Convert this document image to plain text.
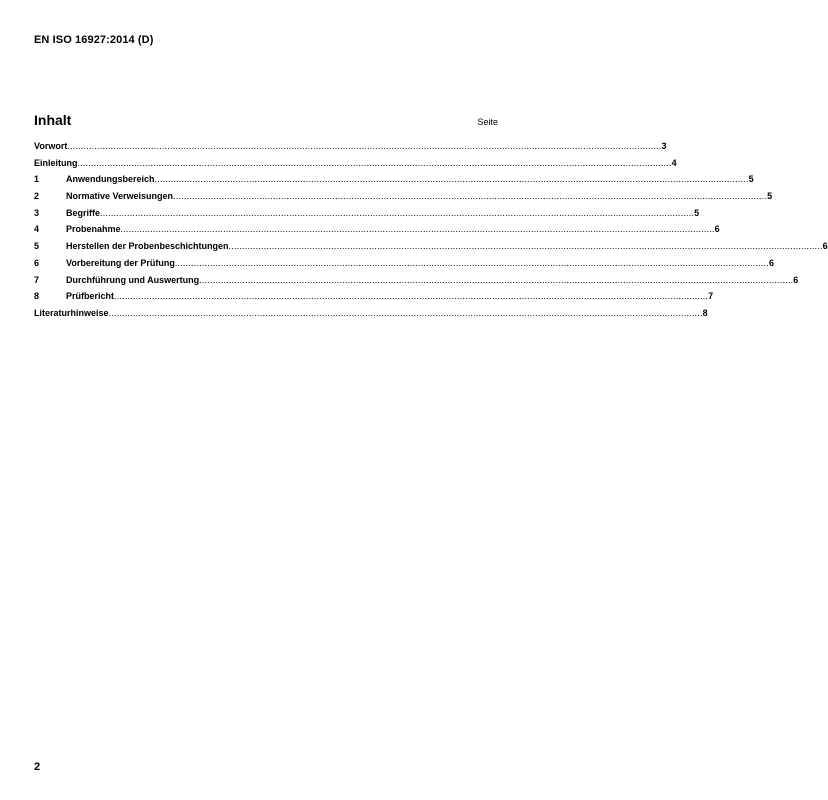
EN ISO 16927:2014 (D)
Inhalt	Seite
Vorwort ............................................................................................................................................................................................................................ 3
Einleitung ............................................................................................................................................................................................................................ 4
1	Anwendungsbereich ............................................................................................................................................................................................................................ 5
2	Normative Verweisungen ............................................................................................................................................................................................................................ 5
3	Begriffe ............................................................................................................................................................................................................................ 5
4	Probenahme ............................................................................................................................................................................................................................ 6
5	Herstellen der Probenbeschichtungen ............................................................................................................................................................................................................................ 6
6	Vorbereitung der Prüfung ............................................................................................................................................................................................................................ 6
7	Durchführung und Auswertung ............................................................................................................................................................................................................................ 6
8	Prüfbericht ............................................................................................................................................................................................................................ 7
Literaturhinweise ............................................................................................................................................................................................................................ 8
2
